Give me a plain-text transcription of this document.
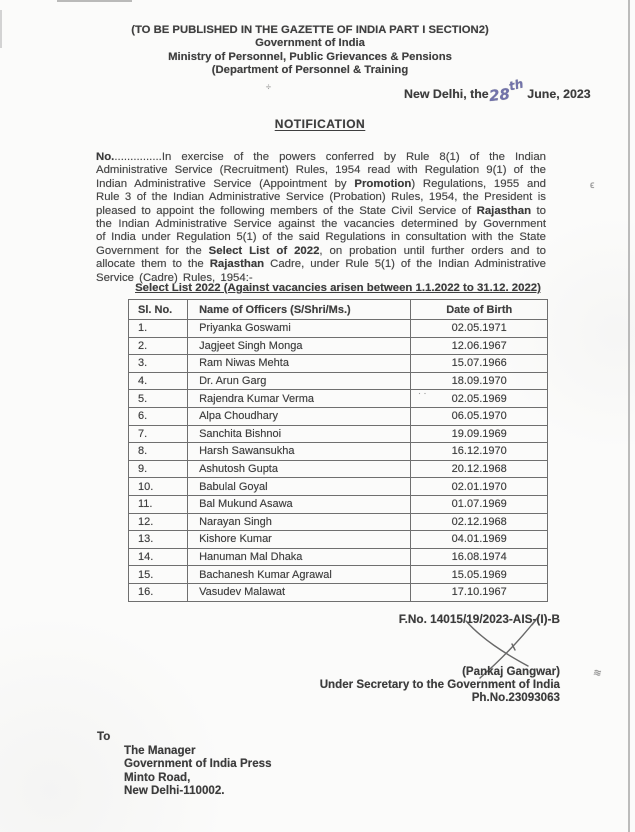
(TO BE PUBLISHED IN THE GAZETTE OF INDIA PART I SECTION2)
Government of India
Ministry of Personnel, Public Grievances & Pensions
(Department of Personnel & Training
÷	New Delhi, the28th June, 2023
NOTIFICATION
No................In exercise of the powers conferred by Rule 8(1) of the Indian Administrative Service (Recruitment) Rules, 1954 read with Regulation 9(1) of the Indian Administrative Service (Appointment by Promotion) Regulations, 1955 and Rule 3 of the Indian Administrative Service (Probation) Rules, 1954, the President is pleased to appoint the following members of the State Civil Service of Rajasthan to the Indian Administrative Service against the vacancies determined by Government of India under Regulation 5(1) of the said Regulations in consultation with the State Government for the Select List of 2022, on probation until further orders and to allocate them to the Rajasthan Cadre, under Rule 5(1) of the Indian Administrative Service (Cadre) Rules, 1954:-
Select List 2022 (Against vacancies arisen between 1.1.2022 to 31.12. 2022)
Sl. No.	Name of Officers (S/Shri/Ms.)	Date of Birth
1.	Priyanka Goswami	02.05.1971
2.	Jagjeet Singh Monga	12.06.1967
3.	Ram Niwas Mehta	15.07.1966
4.	Dr. Arun Garg	18.09.1970
5.	Rajendra Kumar Verma	02.05.1969
6.	Alpa Choudhary	06.05.1970
7.	Sanchita Bishnoi	19.09.1969
8.	Harsh Sawansukha	16.12.1970
9.	Ashutosh Gupta	20.12.1968
10.	Babulal Goyal	02.01.1970
11.	Bal Mukund Asawa	01.07.1969
12.	Narayan Singh	02.12.1968
13.	Kishore Kumar	04.01.1969
14.	Hanuman Mal Dhaka	16.08.1974
15.	Bachanesh Kumar Agrawal	15.05.1969
16.	Vasudev Malawat	17.10.1967
· ·
ϵ
≋
F.No. 14015/19/2023-AIS-(I)-B
(Pankaj Gangwar)
Under Secretary to the Government of India
Ph.No.23093063
To
The Manager
Government of India Press
Minto Road,
New Delhi-110002.
